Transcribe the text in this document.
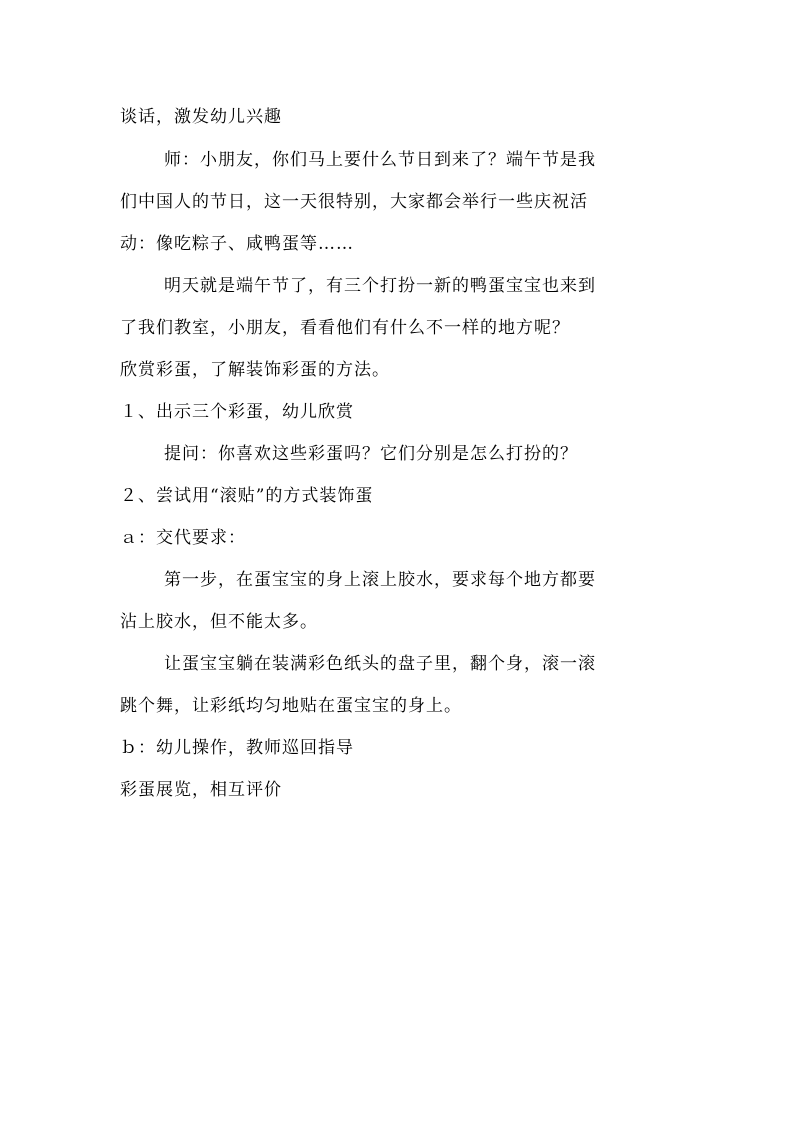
谈话，激发幼儿兴趣
师：小朋友，你们马上要什么节日到来了？端午节是我
们中国人的节日，这一天很特别，大家都会举行一些庆祝活
动：像吃粽子、咸鸭蛋等……
明天就是端午节了，有三个打扮一新的鸭蛋宝宝也来到
了我们教室，小朋友，看看他们有什么不一样的地方呢？
欣赏彩蛋，了解装饰彩蛋的方法。
１、出示三个彩蛋，幼儿欣赏
提问：你喜欢这些彩蛋吗？它们分别是怎么打扮的？
２、尝试用“滚贴”的方式装饰蛋
ａ：交代要求：
第一步，在蛋宝宝的身上滚上胶水，要求每个地方都要
沾上胶水，但不能太多。
让蛋宝宝躺在装满彩色纸头的盘子里，翻个身，滚一滚
跳个舞，让彩纸均匀地贴在蛋宝宝的身上。
ｂ：幼儿操作，教师巡回指导
彩蛋展览，相互评价
